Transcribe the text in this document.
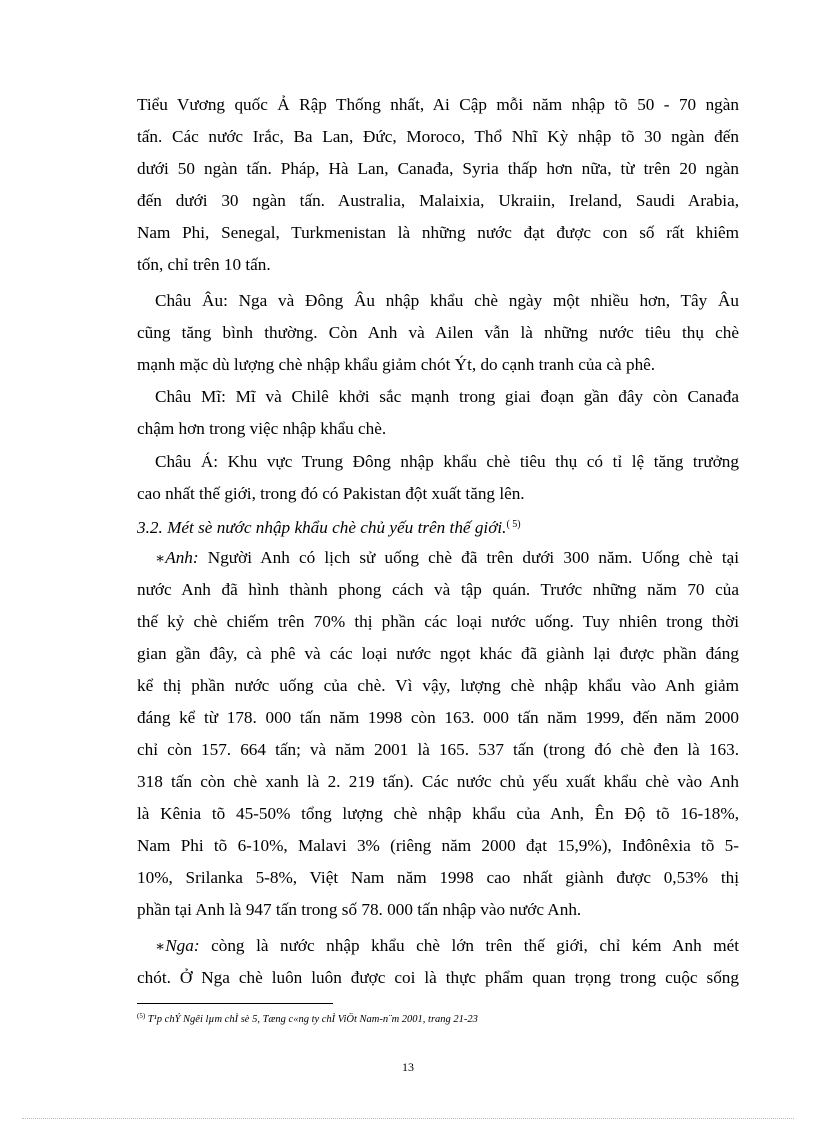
Tiểu Vương quốc Ả Rập Thống nhất, Ai Cập mỗi năm nhập tõ 50 - 70 ngàn
tấn. Các nước Irắc, Ba Lan, Đức, Moroco, Thổ Nhĩ Kỳ nhập tõ 30 ngàn đến
dưới 50 ngàn tấn. Pháp, Hà Lan, Canađa, Syria thấp hơn nữa, từ trên 20 ngàn
đến dưới 30 ngàn tấn. Australia, Malaixia, Ukraiin, Ireland, Saudi Arabia,
Nam Phi, Senegal, Turkmenistan là những nước đạt được con số rất khiêm
tốn, chỉ trên 10 tấn.
Châu Âu: Nga và Đông Âu nhập khẩu chè ngày một nhiều hơn, Tây Âu
cũng tăng bình thường. Còn Anh và Ailen vẫn là những nước tiêu thụ chè
mạnh mặc dù lượng chè nhập khẩu giảm chót Ýt, do cạnh tranh của cà phê.
Châu Mĩ: Mĩ và Chilê khởi sắc mạnh trong giai đoạn gần đây còn Canađa
chậm hơn trong việc nhập khẩu chè.
Châu Á: Khu vực Trung Đông nhập khẩu chè tiêu thụ có tỉ lệ tăng trưởng
cao nhất thế giới, trong đó có Pakistan đột xuất tăng lên.
3.2. Mét sè nước nhập khẩu chè chủ yếu trên thế giới.$^{( 5)}$
∗Anh: Người Anh có lịch sử uống chè đã trên dưới 300 năm. Uống chè tại
nước Anh đã hình thành phong cách và tập quán. Trước những năm 70 của
thế kỷ chè chiếm trên 70% thị phần các loại nước uống. Tuy nhiên trong thời
gian gần đây, cà phê và các loại nước ngọt khác đã giành lại được phần đáng
kể thị phần nước uống của chè. Vì vậy, lượng chè nhập khẩu vào Anh giảm
đáng kể từ 178. 000 tấn năm 1998 còn 163. 000 tấn năm 1999, đến năm 2000
chỉ còn 157. 664 tấn; và năm 2001 là 165. 537 tấn (trong đó chè đen là 163.
318 tấn còn chè xanh là 2. 219 tấn). Các nước chủ yếu xuất khẩu chè vào Anh
là Kênia tõ 45-50% tổng lượng chè nhập khẩu của Anh, Ên Độ tõ 16-18%,
Nam Phi tõ 6-10%, Malavi 3% (riêng năm 2000 đạt 15,9%), Inđônêxia tõ 5-
10%, Srilanka 5-8%, Việt Nam năm 1998 cao nhất giành được 0,53% thị
phần tại Anh là 947 tấn trong số 78. 000 tấn nhập vào nước Anh.
∗Nga: còng là nước nhập khẩu chè lớn trên thế giới, chỉ kém Anh mét
chót. Ở Nga chè luôn luôn được coi là thực phẩm quan trọng trong cuộc sống
$^{(5)}$ T¹p chÝ Ngêi lµm chÌ sè 5, Tæng c«ng ty chÌ ViÖt Nam-n¨m 2001, trang 21-23
13
